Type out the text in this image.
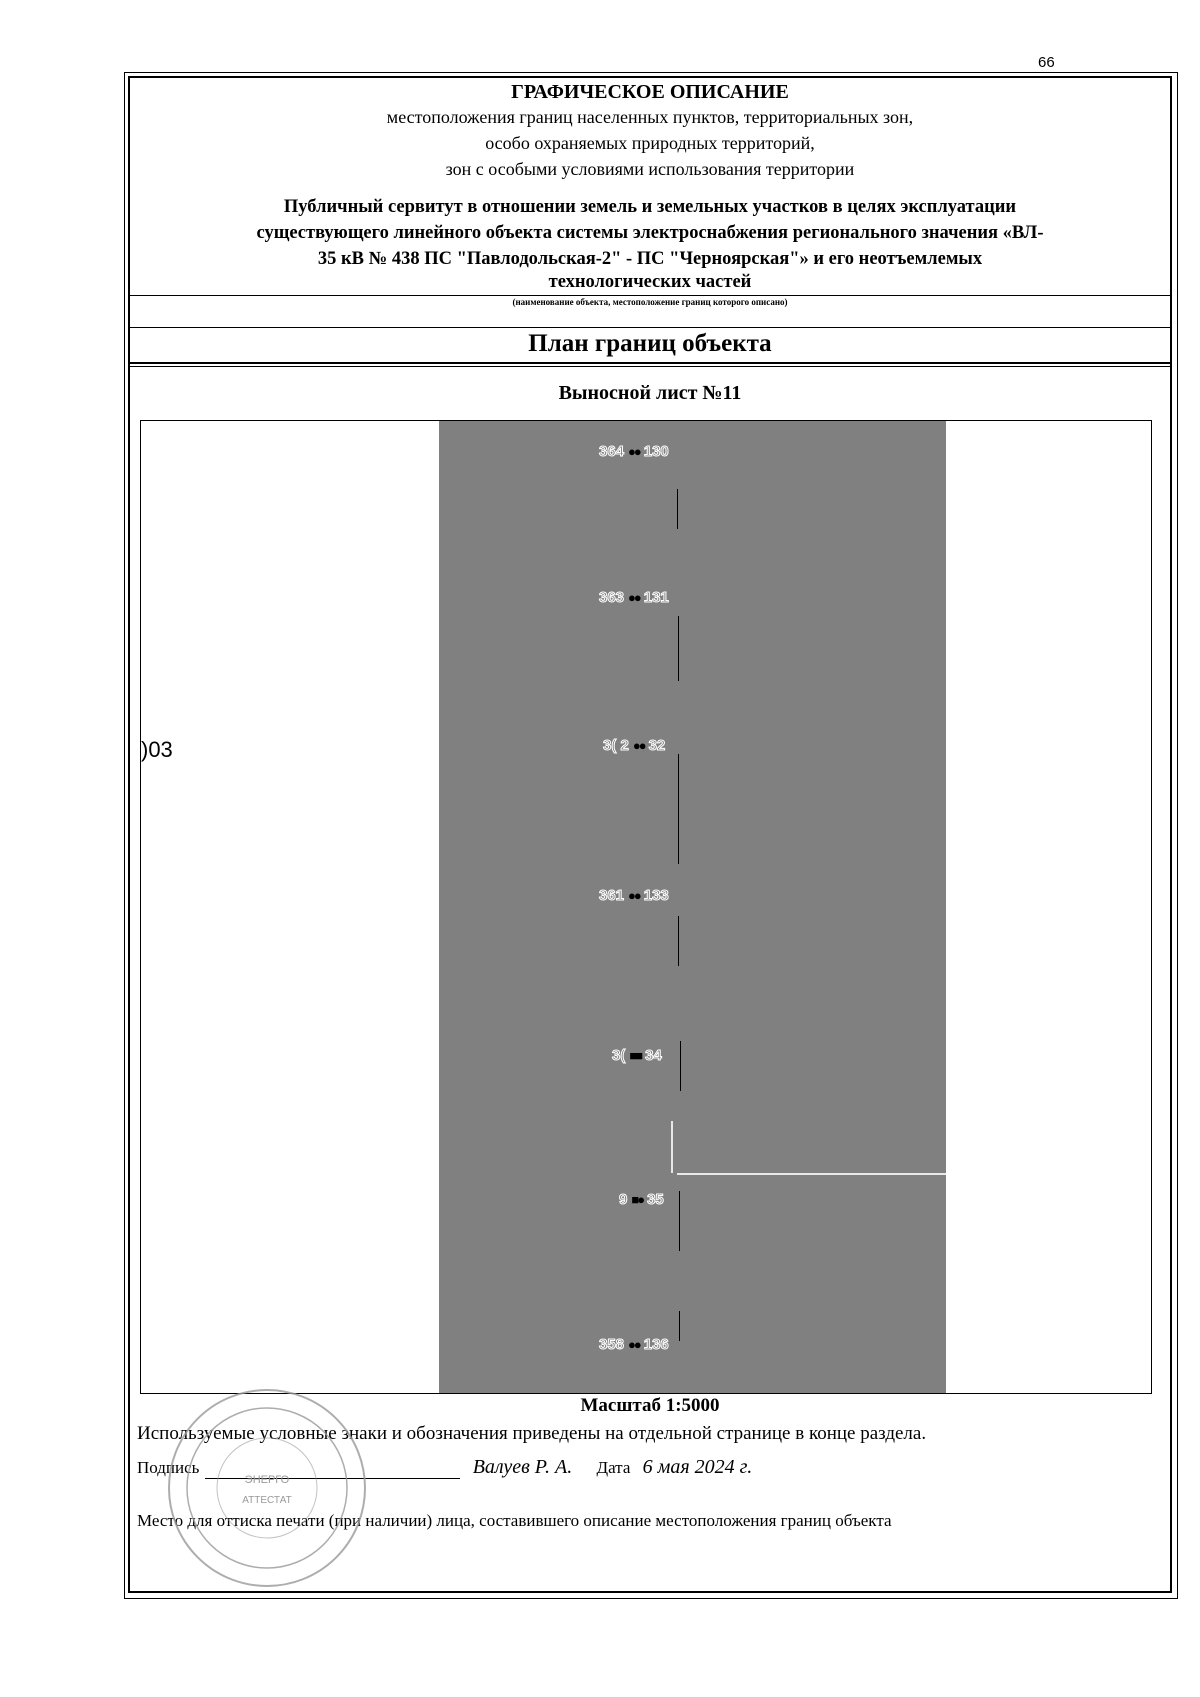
66
ГРАФИЧЕСКОЕ ОПИСАНИЕ
местоположения границ населенных пунктов, территориальных зон,
особо охраняемых природных территорий,
зон с особыми условиями использования территории
Публичный сервитут в отношении земель и земельных участков в целях эксплуатации
существующего линейного объекта системы электроснабжения регионального значения «ВЛ-
35 кВ № 438 ПС "Павлодольская-2" - ПС "Черноярская"» и его неотъемлемых
технологических частей
(наименование объекта, местоположение границ которого описано)
План границ объекта
Выносной лист №11
364 ●● 130
363 ●● 131
3( 2 ●● 32
361 ●● 133
3( ■■ 34
9 ■● 35
358 ●● 136
)03
Масштаб 1:5000
Используемые условные знаки и обозначения приведены на отдельной странице в конце раздела.
Подпись	Валуев Р. А. Дата 6 мая 2024 г.
Место для оттиска печати (при наличии) лица, составившего описание местоположения границ объекта
ЭНЕРГО
АТТЕСТАТ
